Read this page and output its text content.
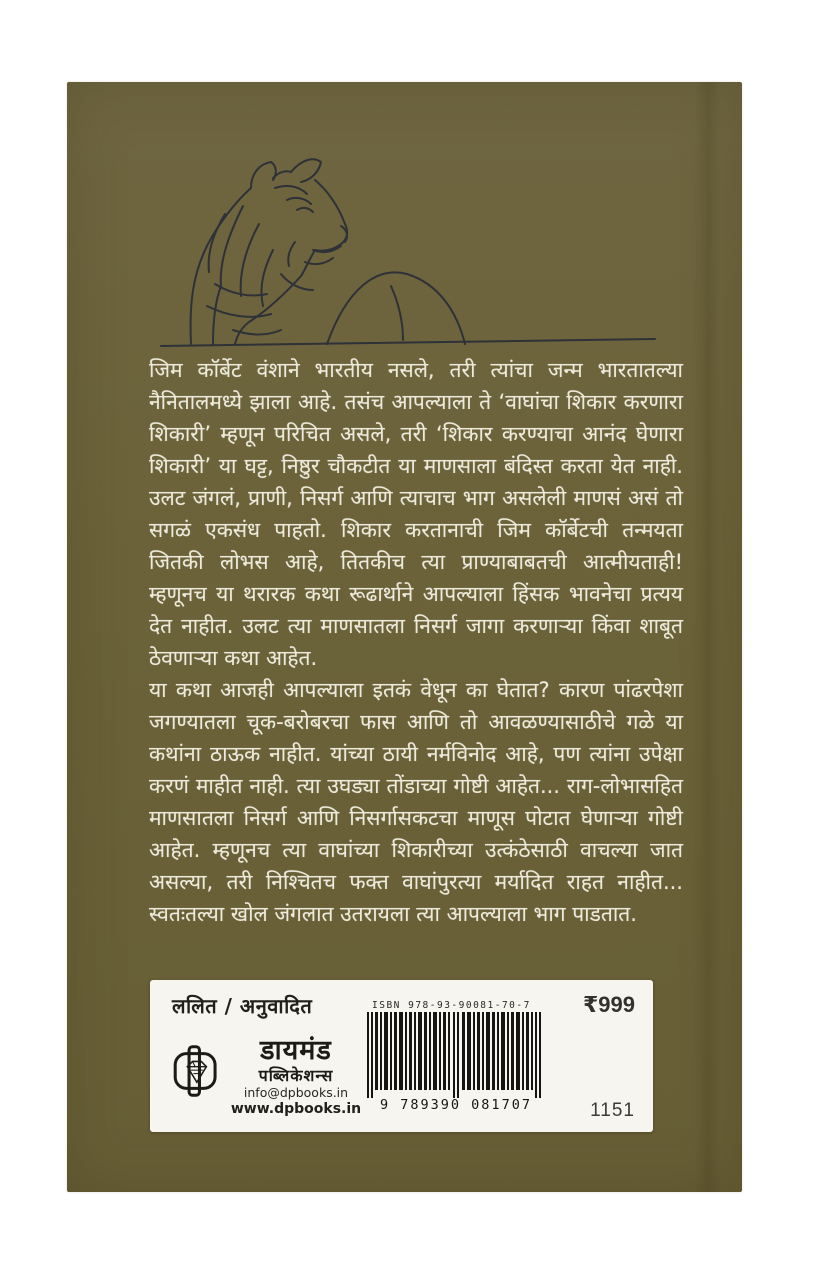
जिम कॉर्बेट वंशाने भारतीय नसले, तरी त्यांचा जन्म भारतातल्या नैनितालमध्ये झाला आहे. तसंच आपल्याला ते ‘वाघांचा शिकार करणारा शिकारी’ म्हणून परिचित असले, तरी ‘शिकार करण्याचा आनंद घेणारा शिकारी’ या घट्ट, निष्ठुर चौकटीत या माणसाला बंदिस्त करता येत नाही. उलट जंगलं, प्राणी, निसर्ग आणि त्याचाच भाग असलेली माणसं असं तो सगळं एकसंध पाहतो. शिकार करतानाची जिम कॉर्बेटची तन्मयता जितकी लोभस आहे, तितकीच त्या प्राण्याबाबतची आत्मीयताही! म्हणूनच या थरारक कथा रूढार्थाने आपल्याला हिंसक भावनेचा प्रत्यय देत नाहीत. उलट त्या माणसातला निसर्ग जागा करणाऱ्या किंवा शाबूत ठेवणाऱ्या कथा आहेत.

या कथा आजही आपल्याला इतकं वेधून का घेतात? कारण पांढरपेशा जगण्यातला चूक-बरोबरचा फास आणि तो आवळण्यासाठीचे गळे या कथांना ठाऊक नाहीत. यांच्या ठायी नर्मविनोद आहे, पण त्यांना उपेक्षा करणं माहीत नाही. त्या उघड्या तोंडाच्या गोष्टी आहेत... राग-लोभासहित माणसातला निसर्ग आणि निसर्गासकटचा माणूस पोटात घेणाऱ्या गोष्टी आहेत. म्हणूनच त्या वाघांच्या शिकारीच्या उत्कंठेसाठी वाचल्या जात असल्या, तरी निश्चितच फक्त वाघांपुरत्या मर्यादित राहत नाहीत... स्वतःतल्या खोल जंगलात उतरायला त्या आपल्याला भाग पाडतात.

ललित / अनुवादित	₹999
1151
डायमंड
पब्लिकेशन्स
info@dpbooks.in
www.dpbooks.in
ISBN 978-93-90081-70-7
9 789390 081707
